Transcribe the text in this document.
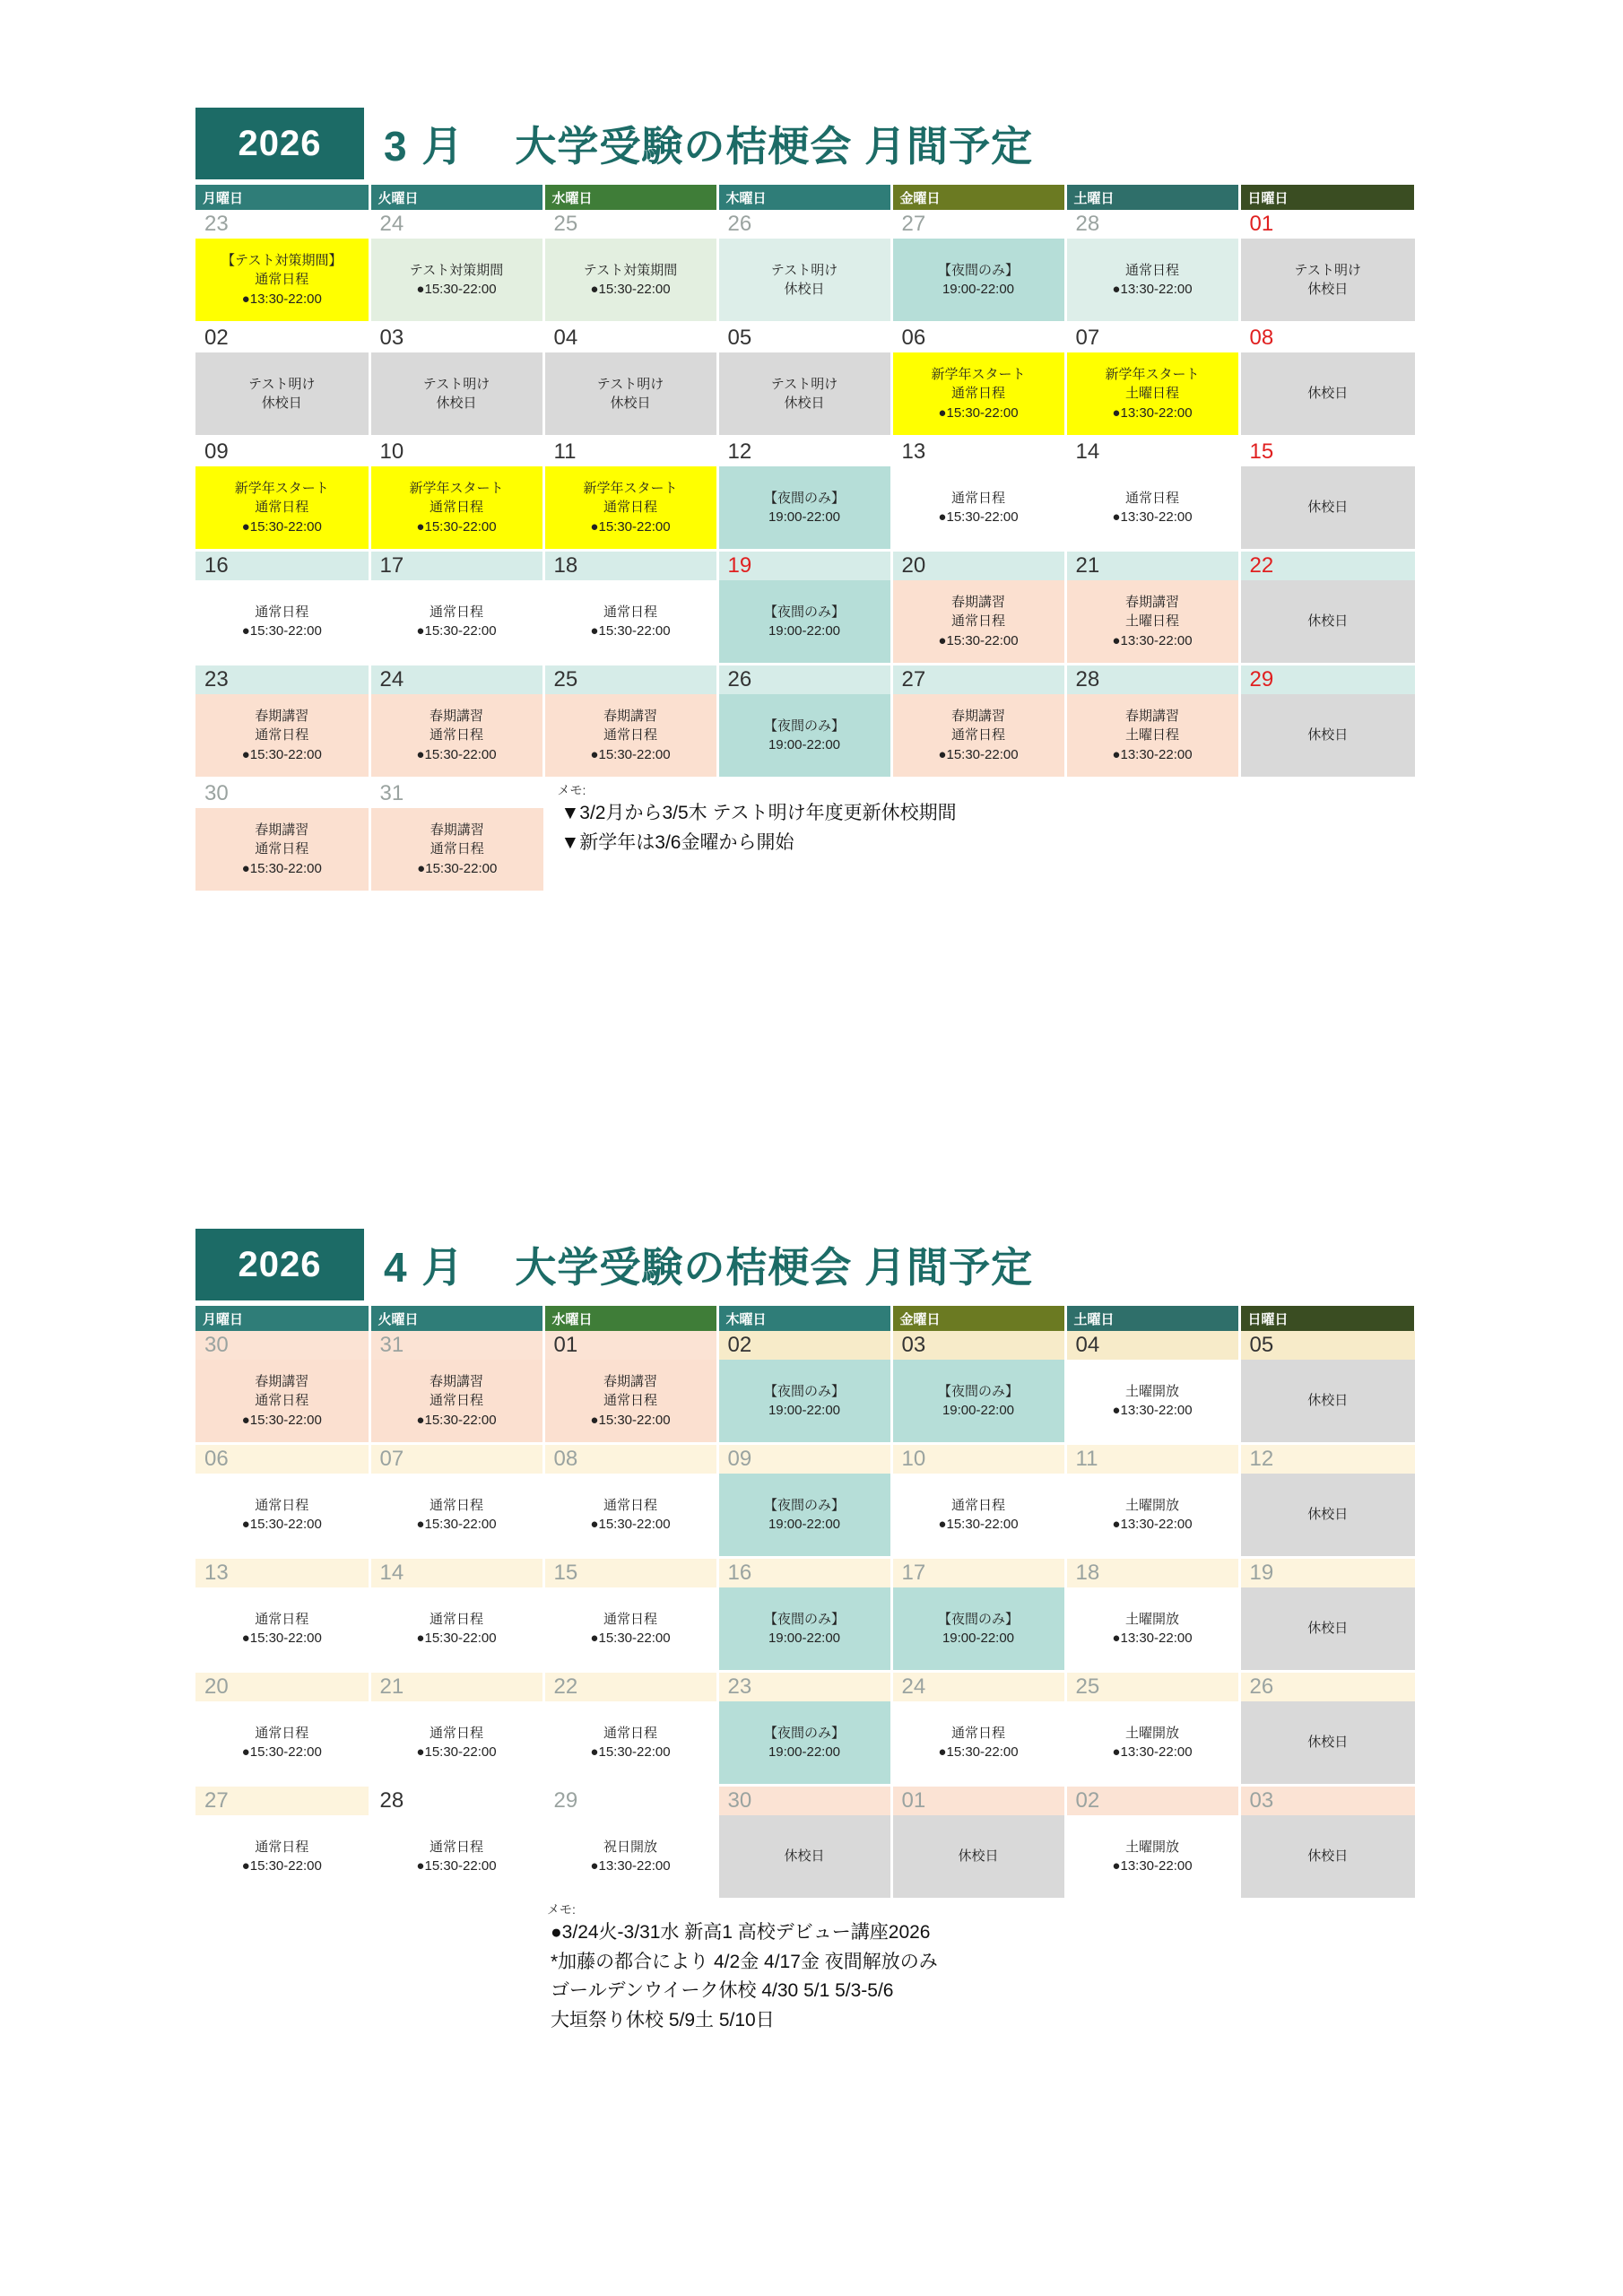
2026	3 月	大学受験の桔梗会 月間予定
月曜日	火曜日	水曜日	木曜日	金曜日	土曜日	日曜日
23	24	25	26	27	28	01

【テスト対策期間】
通常日程
●13:30-22:00

テスト対策期間
●15:30-22:00

テスト対策期間
●15:30-22:00

テスト明け
休校日

【夜間のみ】
19:00-22:00

通常日程
●13:30-22:00

テスト明け
休校日

02	03	04	05	06	07	08

テスト明け
休校日

テスト明け
休校日

テスト明け
休校日

テスト明け
休校日

新学年スタート
通常日程
●15:30-22:00

新学年スタート
土曜日程
●13:30-22:00

休校日

09	10	11	12	13	14	15

新学年スタート
通常日程
●15:30-22:00

新学年スタート
通常日程
●15:30-22:00

新学年スタート
通常日程
●15:30-22:00

【夜間のみ】
19:00-22:00

通常日程
●15:30-22:00

通常日程
●13:30-22:00

休校日

16	17	18	19	20	21	22

通常日程
●15:30-22:00

通常日程
●15:30-22:00

通常日程
●15:30-22:00

【夜間のみ】
19:00-22:00

春期講習
通常日程
●15:30-22:00

春期講習
土曜日程
●13:30-22:00

休校日

23	24	25	26	27	28	29

春期講習
通常日程
●15:30-22:00

春期講習
通常日程
●15:30-22:00

春期講習
通常日程
●15:30-22:00

【夜間のみ】
19:00-22:00

春期講習
通常日程
●15:30-22:00

春期講習
土曜日程
●13:30-22:00

休校日

30	31	メモ:
▼3/2月から3/5木 テスト明け年度更新休校期間
▼新学年は3/6金曜から開始				

春期講習
通常日程
●15:30-22:00

春期講習
通常日程
●15:30-22:00
2026	4 月	大学受験の桔梗会 月間予定
月曜日	火曜日	水曜日	木曜日	金曜日	土曜日	日曜日
30	31	01	02	03	04	05

春期講習
通常日程
●15:30-22:00

春期講習
通常日程
●15:30-22:00

春期講習
通常日程
●15:30-22:00

【夜間のみ】
19:00-22:00

【夜間のみ】
19:00-22:00

土曜開放
●13:30-22:00

休校日

06	07	08	09	10	11	12

通常日程
●15:30-22:00

通常日程
●15:30-22:00

通常日程
●15:30-22:00

【夜間のみ】
19:00-22:00

通常日程
●15:30-22:00

土曜開放
●13:30-22:00

休校日

13	14	15	16	17	18	19

通常日程
●15:30-22:00

通常日程
●15:30-22:00

通常日程
●15:30-22:00

【夜間のみ】
19:00-22:00

【夜間のみ】
19:00-22:00

土曜開放
●13:30-22:00

休校日

20	21	22	23	24	25	26

通常日程
●15:30-22:00

通常日程
●15:30-22:00

通常日程
●15:30-22:00

【夜間のみ】
19:00-22:00

通常日程
●15:30-22:00

土曜開放
●13:30-22:00

休校日

27	28	29	30	01	02	03

通常日程
●15:30-22:00

通常日程
●15:30-22:00

祝日開放
●13:30-22:00

休校日	休校日

土曜開放
●13:30-22:00

休校日
メモ:
●3/24火-3/31水 新高1 高校デビュー講座2026
*加藤の都合により 4/2金 4/17金 夜間解放のみ
ゴールデンウイーク休校 4/30 5/1 5/3-5/6
大垣祭り休校 5/9土 5/10日
